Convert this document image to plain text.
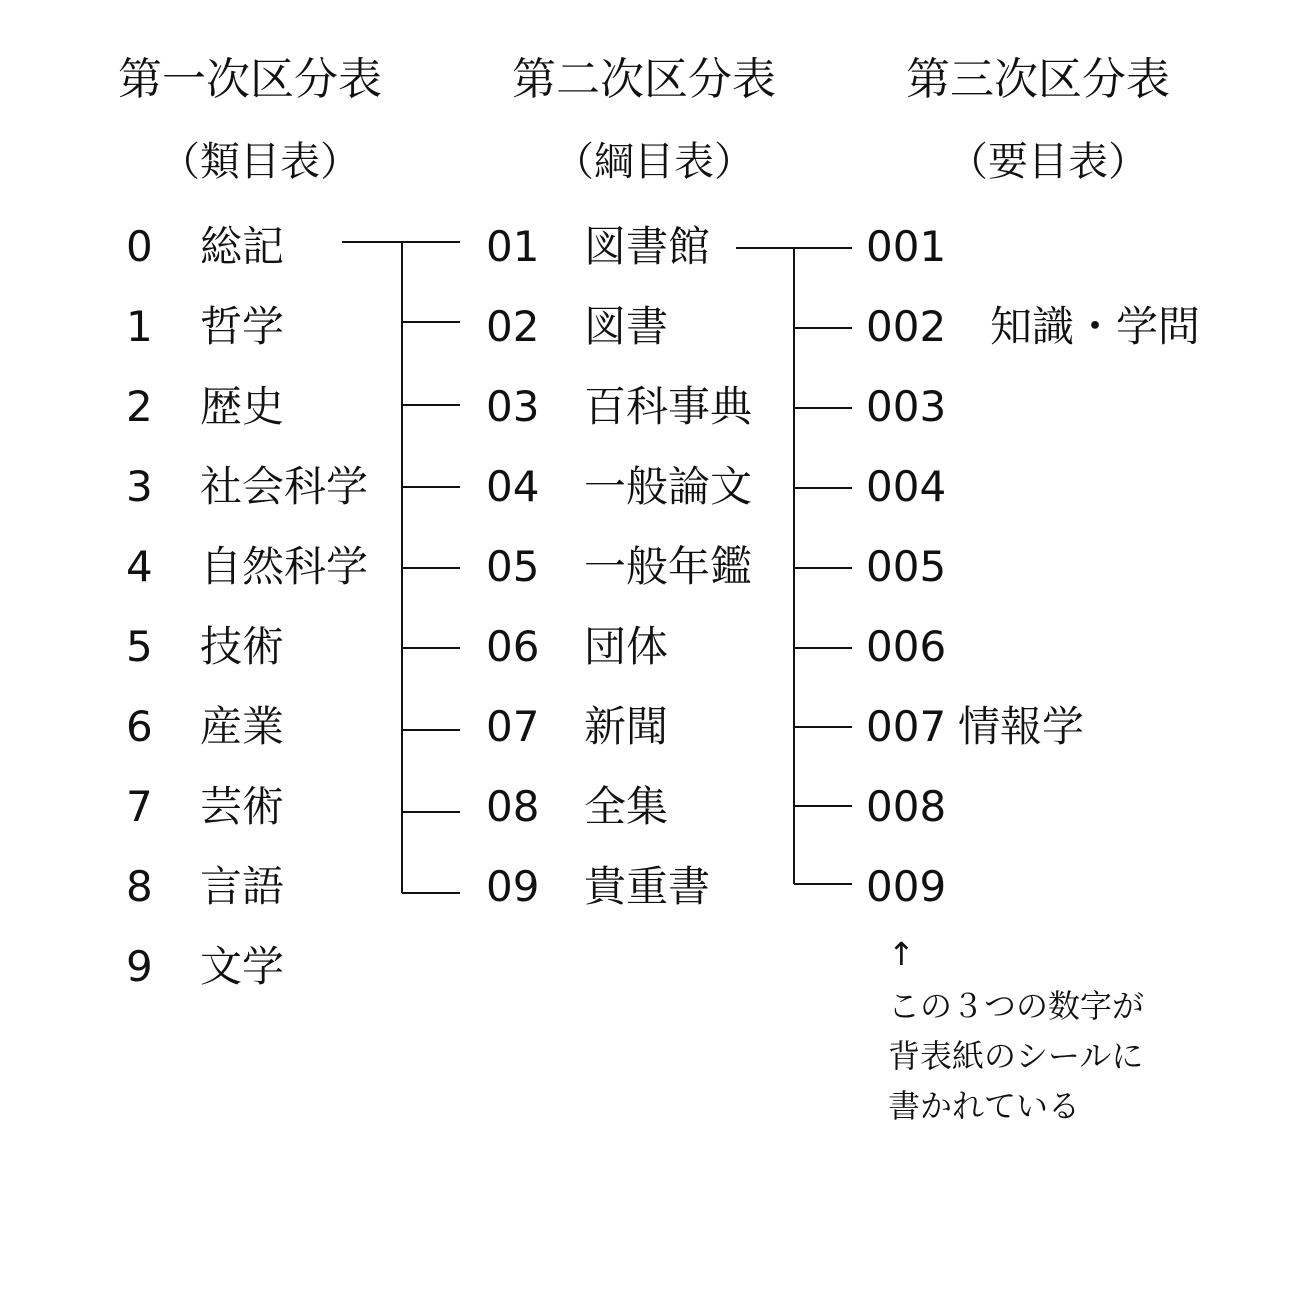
第一次区分表
（類目表）
第二次区分表
（綱目表）
第三次区分表
（要目表）
0 総記
1 哲学
2 歴史
3 社会科学
4 自然科学
5 技術
6 産業
7 芸術
8 言語
9 文学
01 図書館
02 図書
03 百科事典
04 一般論文
05 一般年鑑
06 団体
07 新聞
08 全集
09 貴重書
001
002 知識・学問
003
004
005
006
007 情報学
008
009
↑
この３つの数字が
背表紙のシールに
書かれている
